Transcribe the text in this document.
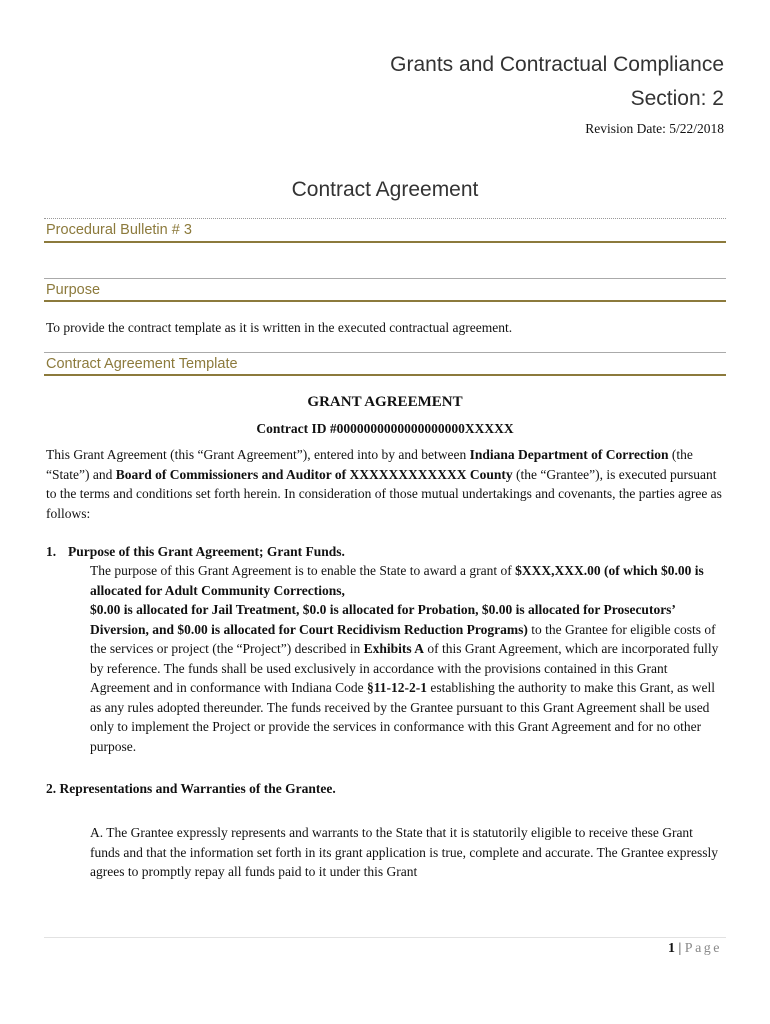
Grants and Contractual Compliance
Section: 2
Revision Date: 5/22/2018
Contract Agreement
Procedural Bulletin # 3
Purpose
To provide the contract template as it is written in the executed contractual agreement.
Contract Agreement Template
GRANT AGREEMENT
Contract ID #0000000000000000000XXXXX
This Grant Agreement (this “Grant Agreement”), entered into by and between Indiana Department of Correction (the “State”) and Board of Commissioners and Auditor of XXXXXXXXXXXX County (the “Grantee”), is executed pursuant to the terms and conditions set forth herein. In consideration of those mutual undertakings and covenants, the parties agree as follows:
1. Purpose of this Grant Agreement; Grant Funds.
The purpose of this Grant Agreement is to enable the State to award a grant of $XXX,XXX.00 (of which $0.00 is allocated for Adult Community Corrections,
$0.00 is allocated for Jail Treatment, $0.0 is allocated for Probation, $0.00 is allocated for Prosecutors’ Diversion, and $0.00 is allocated for Court Recidivism Reduction Programs) to the Grantee for eligible costs of the services or project (the “Project”) described in Exhibits A of this Grant Agreement, which are incorporated fully by reference. The funds shall be used exclusively in accordance with the provisions contained in this Grant Agreement and in conformance with Indiana Code §11-12-2-1 establishing the authority to make this Grant, as well as any rules adopted thereunder. The funds received by the Grantee pursuant to this Grant Agreement shall be used only to implement the Project or provide the services in conformance with this Grant Agreement and for no other purpose.
2. Representations and Warranties of the Grantee.
A. The Grantee expressly represents and warrants to the State that it is statutorily eligible to receive these Grant funds and that the information set forth in its grant application is true, complete and accurate. The Grantee expressly agrees to promptly repay all funds paid to it under this Grant
1 | Page
